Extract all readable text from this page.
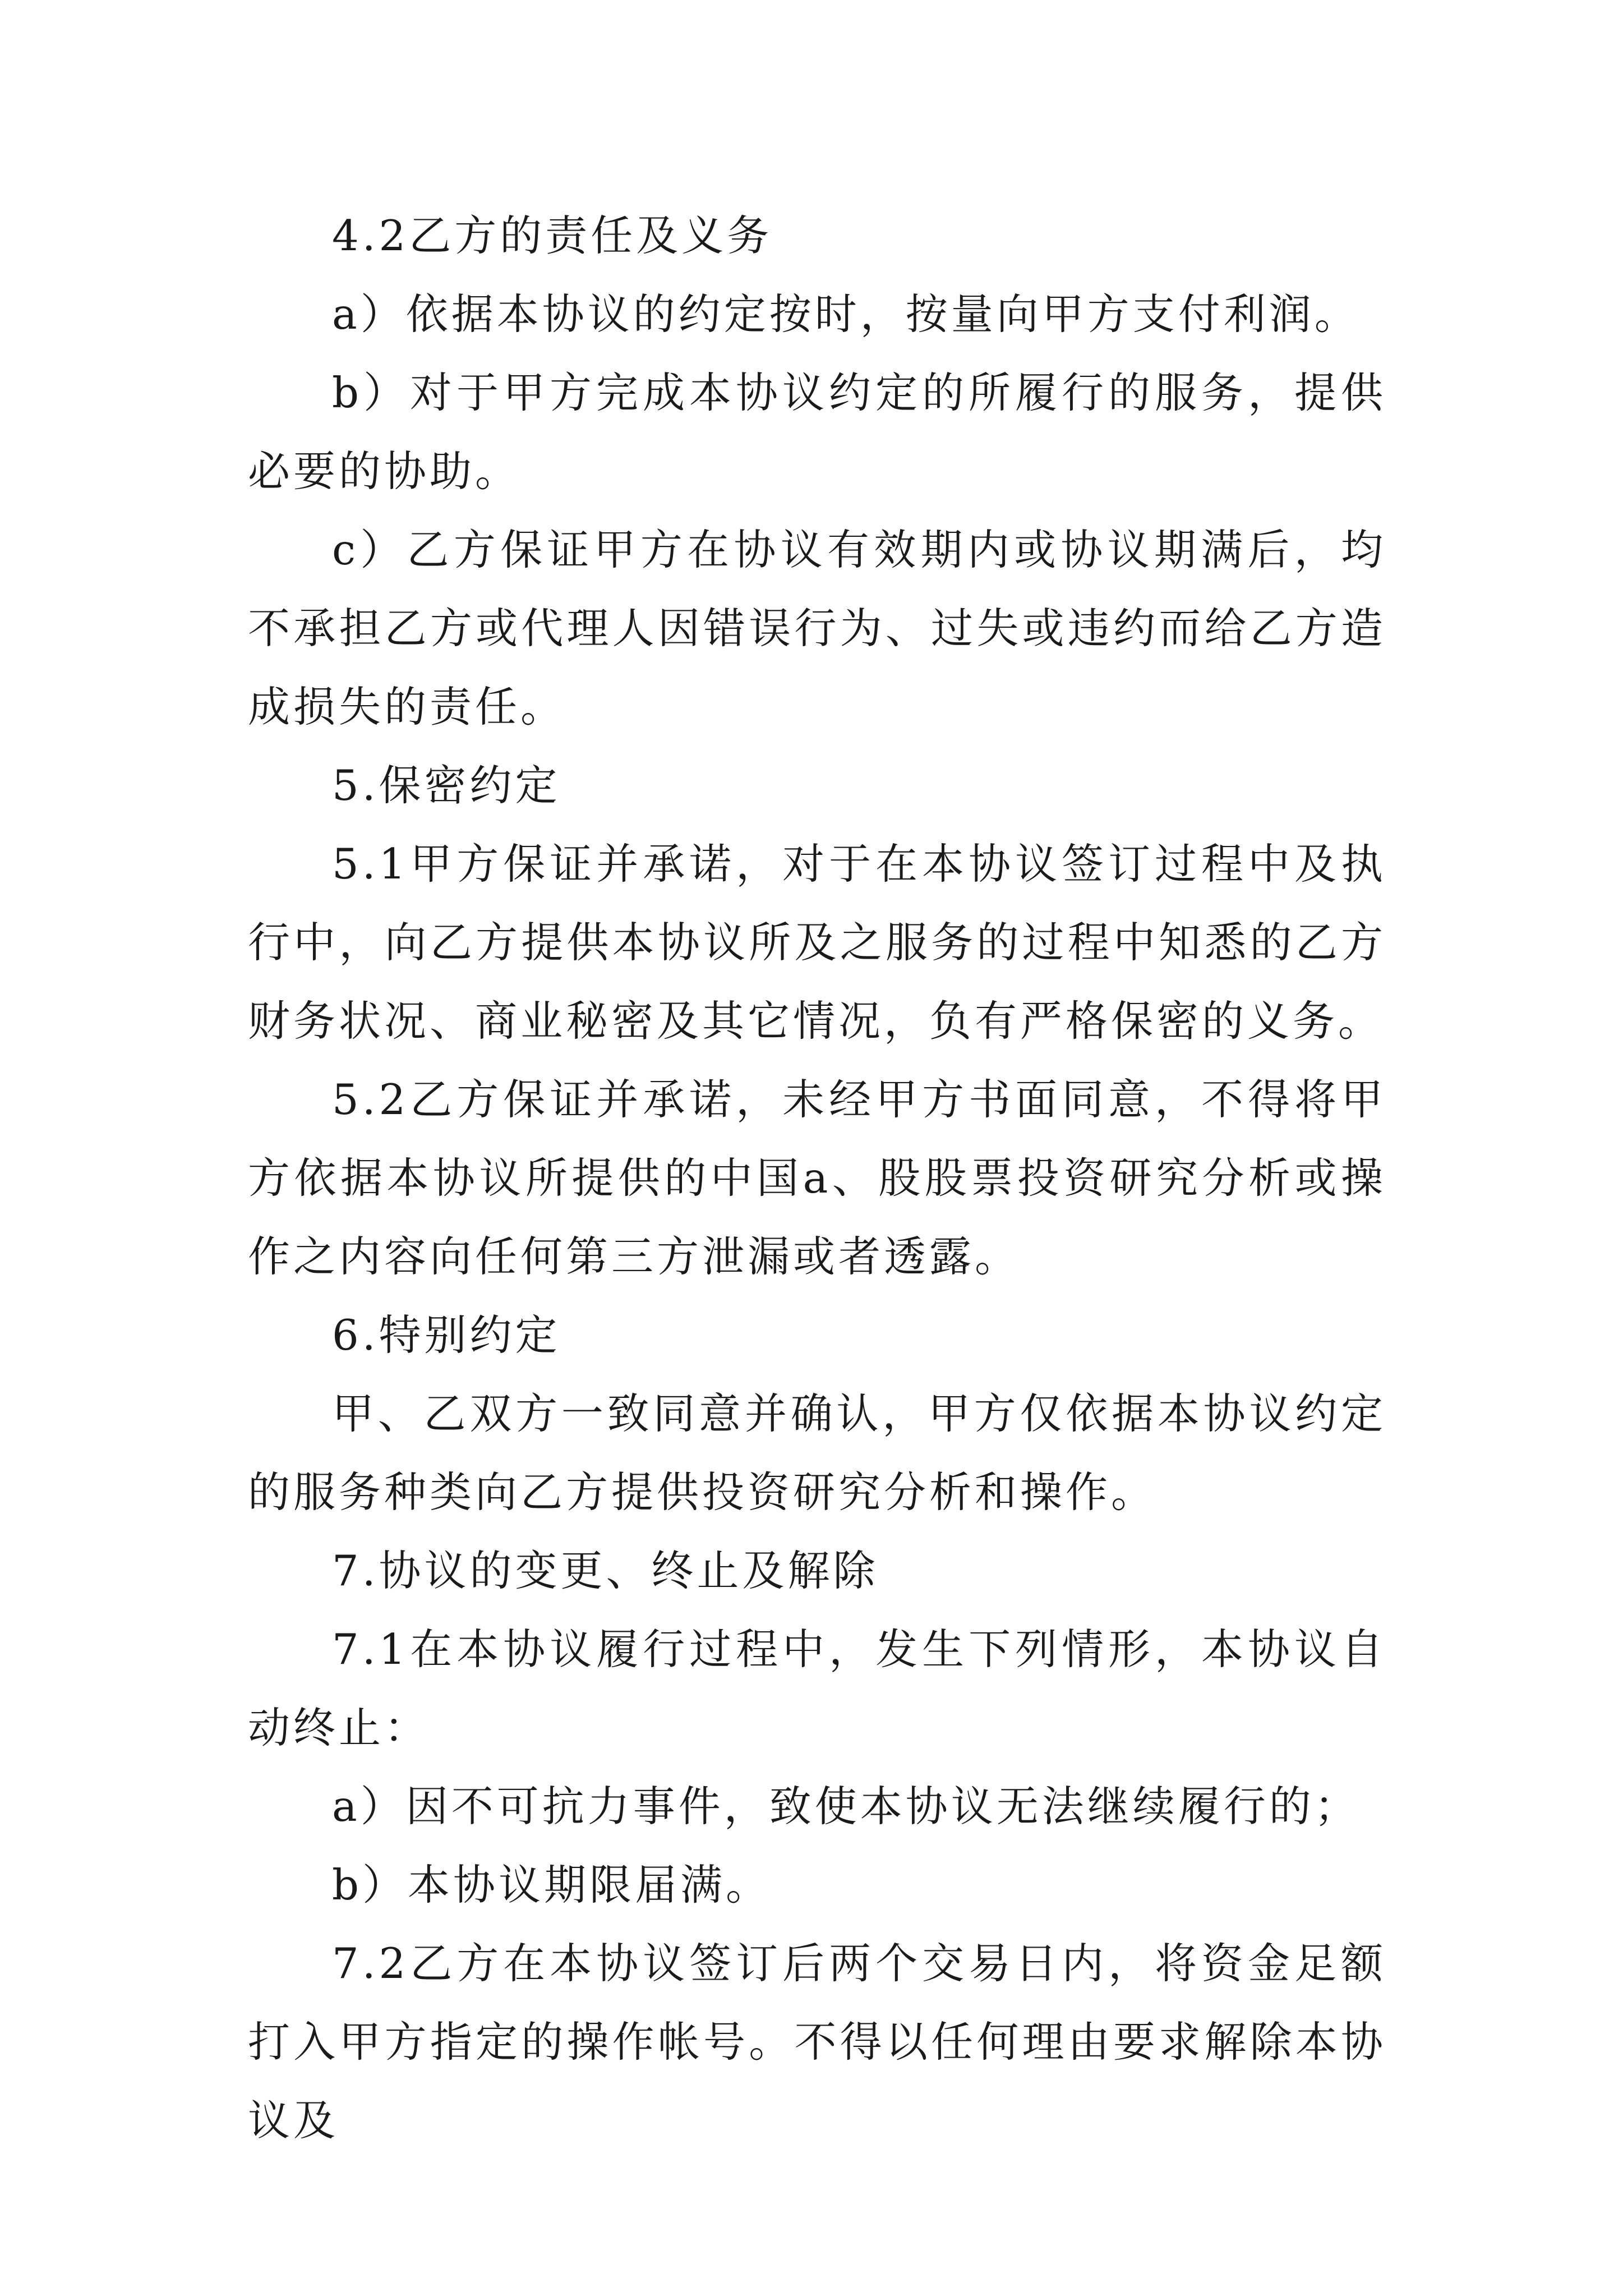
4.2乙方的责任及义务

a）依据本协议的约定按时，按量向甲方支付利润。

b）对于甲方完成本协议约定的所履行的服务，提供必要的协助。

c）乙方保证甲方在协议有效期内或协议期满后，均不承担乙方或代理人因错误行为、过失或违约而给乙方造成损失的责任。

5.保密约定

5.1甲方保证并承诺，对于在本协议签订过程中及执行中，向乙方提供本协议所及之服务的过程中知悉的乙方财务状况、商业秘密及其它情况，负有严格保密的义务。

5.2乙方保证并承诺，未经甲方书面同意，不得将甲方依据本协议所提供的中国a、股股票投资研究分析或操作之内容向任何第三方泄漏或者透露。

6.特别约定

甲、乙双方一致同意并确认，甲方仅依据本协议约定的服务种类向乙方提供投资研究分析和操作。

7.协议的变更、终止及解除

7.1在本协议履行过程中，发生下列情形，本协议自动终止：

a）因不可抗力事件，致使本协议无法继续履行的；

b）本协议期限届满。

7.2乙方在本协议签订后两个交易日内，将资金足额打入甲方指定的操作帐号。不得以任何理由要求解除本协议及
